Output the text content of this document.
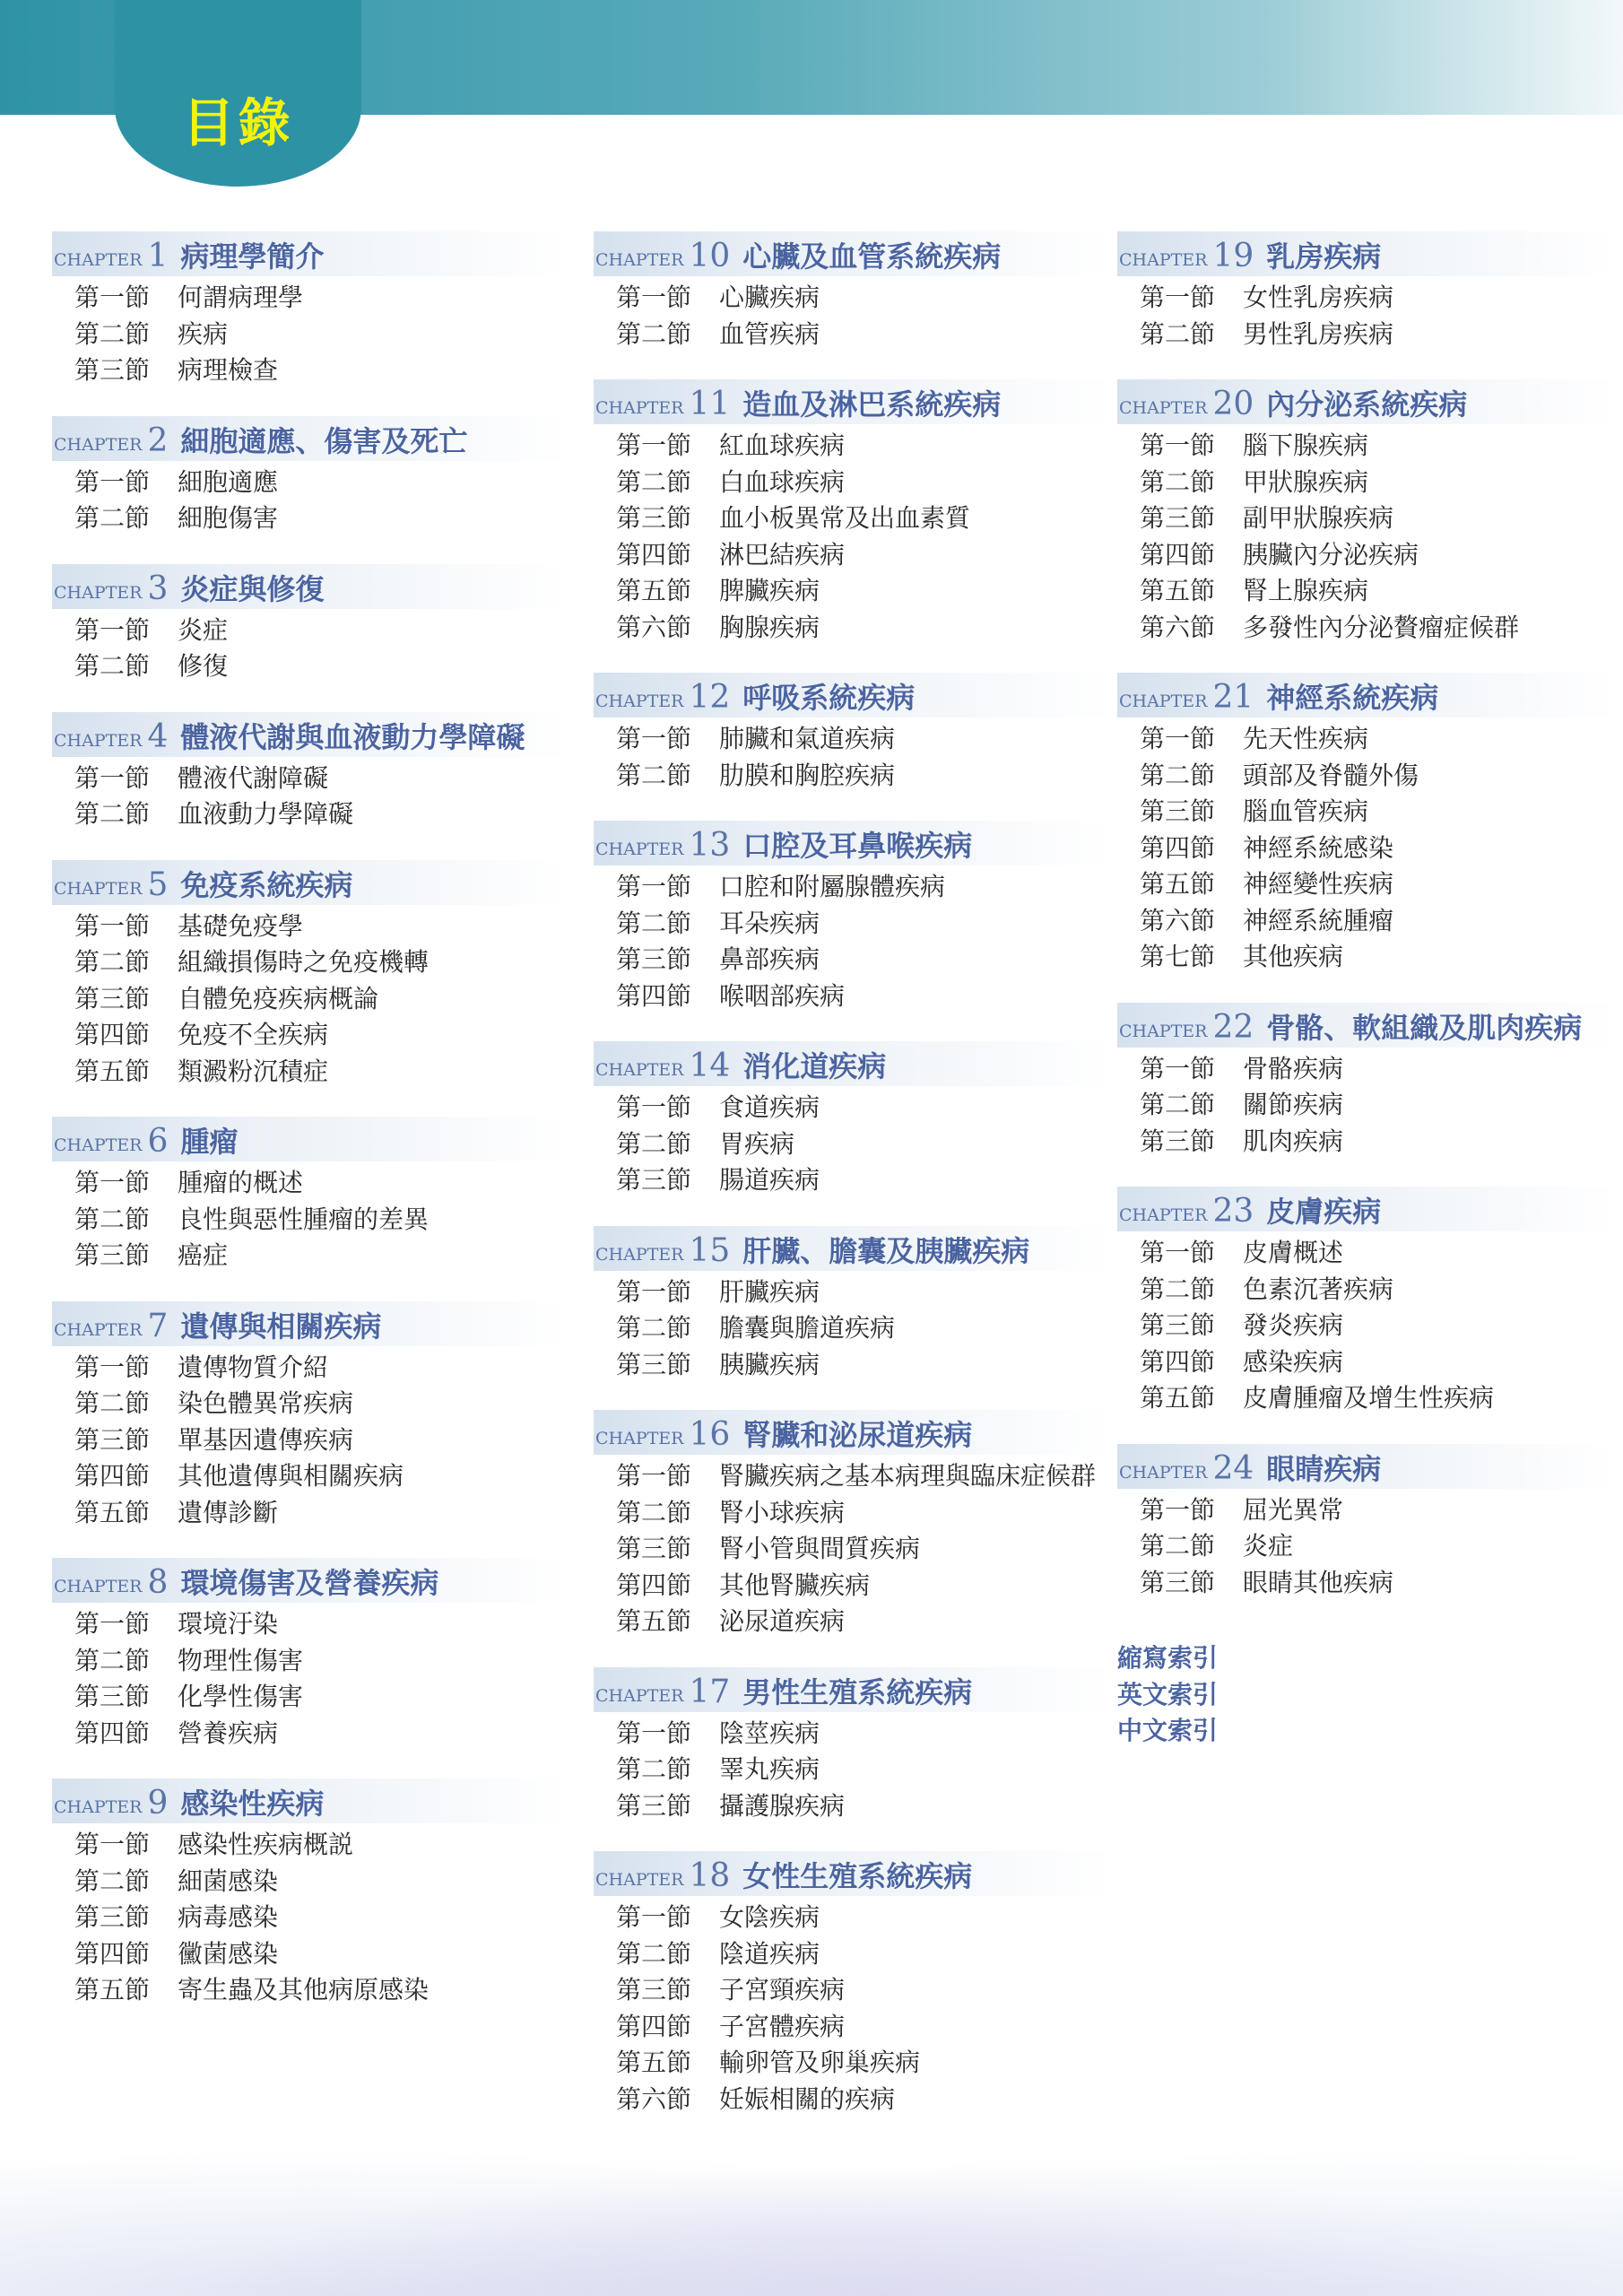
目錄
CHAPTER 1 病理學簡介
第一節	何謂病理學
第二節	疾病
第三節	病理檢查
CHAPTER 2 細胞適應、傷害及死亡
第一節	細胞適應
第二節	細胞傷害
CHAPTER 3 炎症與修復
第一節	炎症
第二節	修復
CHAPTER 4 體液代謝與血液動力學障礙
第一節	體液代謝障礙
第二節	血液動力學障礙
CHAPTER 5 免疫系統疾病
第一節	基礎免疫學
第二節	組織損傷時之免疫機轉
第三節	自體免疫疾病概論
第四節	免疫不全疾病
第五節	類澱粉沉積症
CHAPTER 6 腫瘤
第一節	腫瘤的概述
第二節	良性與惡性腫瘤的差異
第三節	癌症
CHAPTER 7 遺傳與相關疾病
第一節	遺傳物質介紹
第二節	染色體異常疾病
第三節	單基因遺傳疾病
第四節	其他遺傳與相關疾病
第五節	遺傳診斷
CHAPTER 8 環境傷害及營養疾病
第一節	環境汙染
第二節	物理性傷害
第三節	化學性傷害
第四節	營養疾病
CHAPTER 9 感染性疾病
第一節	感染性疾病概説
第二節	細菌感染
第三節	病毒感染
第四節	黴菌感染
第五節	寄生蟲及其他病原感染
CHAPTER 10 心臟及血管系統疾病
第一節	心臟疾病
第二節	血管疾病
CHAPTER 11 造血及淋巴系統疾病
第一節	紅血球疾病
第二節	白血球疾病
第三節	血小板異常及出血素質
第四節	淋巴結疾病
第五節	脾臟疾病
第六節	胸腺疾病
CHAPTER 12 呼吸系統疾病
第一節	肺臟和氣道疾病
第二節	肋膜和胸腔疾病
CHAPTER 13 口腔及耳鼻喉疾病
第一節	口腔和附屬腺體疾病
第二節	耳朵疾病
第三節	鼻部疾病
第四節	喉咽部疾病
CHAPTER 14 消化道疾病
第一節	食道疾病
第二節	胃疾病
第三節	腸道疾病
CHAPTER 15 肝臟、膽囊及胰臟疾病
第一節	肝臟疾病
第二節	膽囊與膽道疾病
第三節	胰臟疾病
CHAPTER 16 腎臟和泌尿道疾病
第一節	腎臟疾病之基本病理與臨床症候群
第二節	腎小球疾病
第三節	腎小管與間質疾病
第四節	其他腎臟疾病
第五節	泌尿道疾病
CHAPTER 17 男性生殖系統疾病
第一節	陰莖疾病
第二節	睪丸疾病
第三節	攝護腺疾病
CHAPTER 18 女性生殖系統疾病
第一節	女陰疾病
第二節	陰道疾病
第三節	子宮頸疾病
第四節	子宮體疾病
第五節	輸卵管及卵巢疾病
第六節	妊娠相關的疾病
CHAPTER 19 乳房疾病
第一節	女性乳房疾病
第二節	男性乳房疾病
CHAPTER 20 內分泌系統疾病
第一節	腦下腺疾病
第二節	甲狀腺疾病
第三節	副甲狀腺疾病
第四節	胰臟內分泌疾病
第五節	腎上腺疾病
第六節	多發性內分泌贅瘤症候群
CHAPTER 21 神經系統疾病
第一節	先天性疾病
第二節	頭部及脊髓外傷
第三節	腦血管疾病
第四節	神經系統感染
第五節	神經變性疾病
第六節	神經系統腫瘤
第七節	其他疾病
CHAPTER 22 骨骼、軟組織及肌肉疾病
第一節	骨骼疾病
第二節	關節疾病
第三節	肌肉疾病
CHAPTER 23 皮膚疾病
第一節	皮膚概述
第二節	色素沉著疾病
第三節	發炎疾病
第四節	感染疾病
第五節	皮膚腫瘤及增生性疾病
CHAPTER 24 眼睛疾病
第一節	屈光異常
第二節	炎症
第三節	眼睛其他疾病
縮寫索引
英文索引
中文索引
